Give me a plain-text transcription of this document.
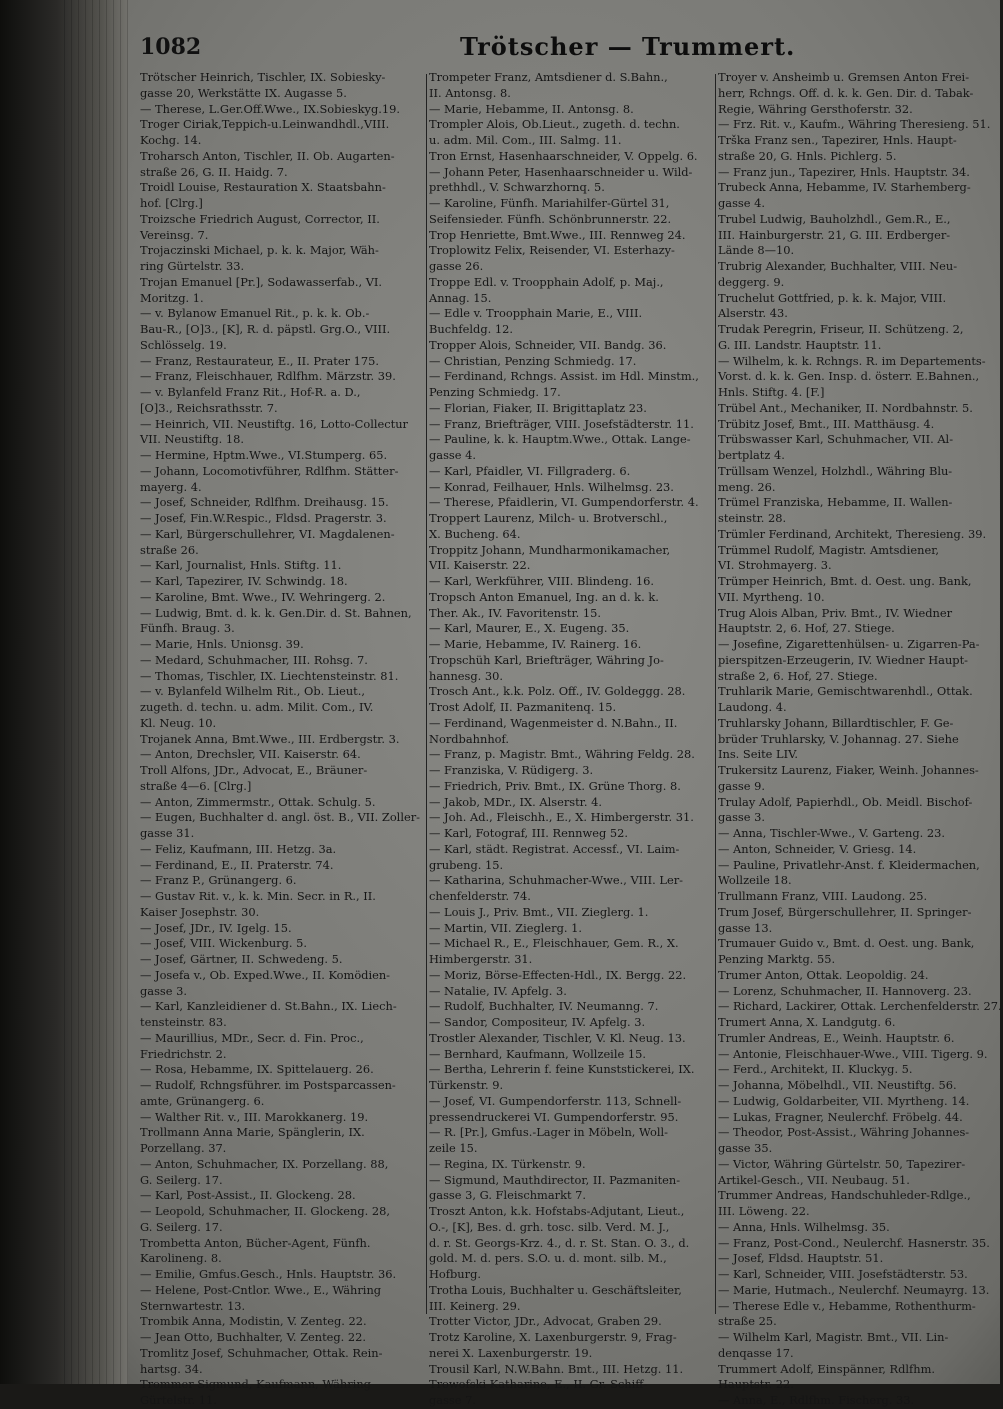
1082	Trötscher — Trummert.
Trötscher Heinrich, Tischler, IX. Sobiesky-
gasse 20, Werkstätte IX. Augasse 5.
— Therese, L.Ger.Off.Wwe., IX.Sobieskyg.19.
Troger Ciriak,Teppich-u.Leinwandhdl.,VIII.
Kochg. 14.
Troharsch Anton, Tischler, II. Ob. Augarten-
straße 26, G. II. Haidg. 7.
Troidl Louise, Restauration X. Staatsbahn-
hof. [Clrg.]
Troizsche Friedrich August, Corrector, II.
Vereinsg. 7.
Trojaczinski Michael, p. k. k. Major, Wäh-
ring Gürtelstr. 33.
Trojan Emanuel [Pr.], Sodawasserfab., VI.
Moritzg. 1.
— v. Bylanow Emanuel Rit., p. k. k. Ob.-
Bau-R., [O]3., [K], R. d. päpstl. Grg.O., VIII.
Schlösselg. 19.
— Franz, Restaurateur, E., II. Prater 175.
— Franz, Fleischhauer, Rdlfhm. Märzstr. 39.
— v. Bylanfeld Franz Rit., Hof-R. a. D.,
[O]3., Reichsrathsstr. 7.
— Heinrich, VII. Neustiftg. 16, Lotto-Collectur
VII. Neustiftg. 18.
— Hermine, Hptm.Wwe., VI.Stumperg. 65.
— Johann, Locomotivführer, Rdlfhm. Stätter-
mayerg. 4.
— Josef, Schneider, Rdlfhm. Dreihausg. 15.
— Josef, Fin.W.Respic., Fldsd. Pragerstr. 3.
— Karl, Bürgerschullehrer, VI. Magdalenen-
straße 26.
— Karl, Journalist, Hnls. Stiftg. 11.
— Karl, Tapezirer, IV. Schwindg. 18.
— Karoline, Bmt. Wwe., IV. Wehringerg. 2.
— Ludwig, Bmt. d. k. k. Gen.Dir. d. St. Bahnen,
Fünfh. Braug. 3.
— Marie, Hnls. Unionsg. 39.
— Medard, Schuhmacher, III. Rohsg. 7.
— Thomas, Tischler, IX. Liechtensteinstr. 81.
— v. Bylanfeld Wilhelm Rit., Ob. Lieut.,
zugeth. d. techn. u. adm. Milit. Com., IV.
Kl. Neug. 10.
Trojanek Anna, Bmt.Wwe., III. Erdbergstr. 3.
— Anton, Drechsler, VII. Kaiserstr. 64.
Troll Alfons, JDr., Advocat, E., Bräuner-
straße 4—6. [Clrg.]
— Anton, Zimmermstr., Ottak. Schulg. 5.
— Eugen, Buchhalter d. angl. öst. B., VII. Zoller-
gasse 31.
— Feliz, Kaufmann, III. Hetzg. 3a.
— Ferdinand, E., II. Praterstr. 74.
— Franz P., Grünangerg. 6.
— Gustav Rit. v., k. k. Min. Secr. in R., II.
Kaiser Josephstr. 30.
— Josef, JDr., IV. Igelg. 15.
— Josef, VIII. Wickenburg. 5.
— Josef, Gärtner, II. Schwedeng. 5.
— Josefa v., Ob. Exped.Wwe., II. Komödien-
gasse 3.
— Karl, Kanzleidiener d. St.Bahn., IX. Liech-
tensteinstr. 83.
— Maurillius, MDr., Secr. d. Fin. Proc.,
Friedrichstr. 2.
— Rosa, Hebamme, IX. Spittelauerg. 26.
— Rudolf, Rchngsführer. im Postsparcassen-
amte, Grünangerg. 6.
— Walther Rit. v., III. Marokkanerg. 19.
Trollmann Anna Marie, Spänglerin, IX.
Porzellang. 37.
— Anton, Schuhmacher, IX. Porzellang. 88,
G. Seilerg. 17.
— Karl, Post-Assist., II. Glockeng. 28.
— Leopold, Schuhmacher, II. Glockeng. 28,
G. Seilerg. 17.
Trombetta Anton, Bücher-Agent, Fünfh.
Karolineng. 8.
— Emilie, Gmfus.Gesch., Hnls. Hauptstr. 36.
— Helene, Post-Cntlor. Wwe., E., Währing
Sternwartestr. 13.
Trombik Anna, Modistin, V. Zenteg. 22.
— Jean Otto, Buchhalter, V. Zenteg. 22.
Tromlitz Josef, Schuhmacher, Ottak. Rein-
hartsg. 34.
Trommer Sigmund, Kaufmann, Währing
Gürtelstr. 11.
Trompeter Franz, Amtsdiener d. S.Bahn.,
II. Antonsg. 8.
— Marie, Hebamme, II. Antonsg. 8.
Trompler Alois, Ob.Lieut., zugeth. d. techn.
u. adm. Mil. Com., III. Salmg. 11.
Tron Ernst, Hasenhaarschneider, V. Oppelg. 6.
— Johann Peter, Hasenhaarschneider u. Wild-
prethhdl., V. Schwarzhornq. 5.
— Karoline, Fünfh. Mariahilfer-Gürtel 31,
Seifensieder. Fünfh. Schönbrunnerstr. 22.
Trop Henriette, Bmt.Wwe., III. Rennweg 24.
Troplowitz Felix, Reisender, VI. Esterhazy-
gasse 26.
Troppe Edl. v. Troopphain Adolf, p. Maj.,
Annag. 15.
— Edle v. Troopphain Marie, E., VIII.
Buchfeldg. 12.
Tropper Alois, Schneider, VII. Bandg. 36.
— Christian, Penzing Schmiedg. 17.
— Ferdinand, Rchngs. Assist. im Hdl. Minstm.,
Penzing Schmiedg. 17.
— Florian, Fiaker, II. Brigittaplatz 23.
— Franz, Briefträger, VIII. Josefstädterstr. 11.
— Pauline, k. k. Hauptm.Wwe., Ottak. Lange-
gasse 4.
— Karl, Pfaidler, VI. Fillgraderg. 6.
— Konrad, Feilhauer, Hnls. Wilhelmsg. 23.
— Therese, Pfaidlerin, VI. Gumpendorferstr. 4.
Troppert Laurenz, Milch- u. Brotverschl.,
X. Bucheng. 64.
Troppitz Johann, Mundharmonikamacher,
VII. Kaiserstr. 22.
— Karl, Werkführer, VIII. Blindeng. 16.
Tropsch Anton Emanuel, Ing. an d. k. k.
Ther. Ak., IV. Favoritenstr. 15.
— Karl, Maurer, E., X. Eugeng. 35.
— Marie, Hebamme, IV. Rainerg. 16.
Tropschüh Karl, Briefträger, Währing Jo-
hannesg. 30.
Trosch Ant., k.k. Polz. Off., IV. Goldeggg. 28.
Trost Adolf, II. Pazmanitenq. 15.
— Ferdinand, Wagenmeister d. N.Bahn., II.
Nordbahnhof.
— Franz, p. Magistr. Bmt., Währing Feldg. 28.
— Franziska, V. Rüdigerg. 3.
— Friedrich, Priv. Bmt., IX. Grüne Thorg. 8.
— Jakob, MDr., IX. Alserstr. 4.
— Joh. Ad., Fleischh., E., X. Himbergerstr. 31.
— Karl, Fotograf, III. Rennweg 52.
— Karl, städt. Registrat. Accessf., VI. Laim-
grubeng. 15.
— Katharina, Schuhmacher-Wwe., VIII. Ler-
chenfelderstr. 74.
— Louis J., Priv. Bmt., VII. Zieglerg. 1.
— Martin, VII. Zieglerg. 1.
— Michael R., E., Fleischhauer, Gem. R., X.
Himbergerstr. 31.
— Moriz, Börse-Effecten-Hdl., IX. Bergg. 22.
— Natalie, IV. Apfelg. 3.
— Rudolf, Buchhalter, IV. Neumanng. 7.
— Sandor, Compositeur, IV. Apfelg. 3.
Trostler Alexander, Tischler, V. Kl. Neug. 13.
— Bernhard, Kaufmann, Wollzeile 15.
— Bertha, Lehrerin f. feine Kunststickerei, IX.
Türkenstr. 9.
— Josef, VI. Gumpendorferstr. 113, Schnell-
pressendruckerei VI. Gumpendorferstr. 95.
— R. [Pr.], Gmfus.-Lager in Möbeln, Woll-
zeile 15.
— Regina, IX. Türkenstr. 9.
— Sigmund, Mauthdirector, II. Pazmaniten-
gasse 3, G. Fleischmarkt 7.
Troszt Anton, k.k. Hofstabs-Adjutant, Lieut.,
O.-, [K], Bes. d. grh. tosc. silb. Verd. M. J.,
d. r. St. Georgs-Krz. 4., d. r. St. Stan. O. 3., d.
gold. M. d. pers. S.O. u. d. mont. silb. M.,
Hofburg.
Trotha Louis, Buchhalter u. Geschäftsleiter,
III. Keinerg. 29.
Trotter Victor, JDr., Advocat, Graben 29.
Trotz Karoline, X. Laxenburgerstr. 9, Frag-
nerei X. Laxenburgerstr. 19.
Trousil Karl, N.W.Bahn. Bmt., III. Hetzg. 11.
Trowofski Katharine, E., II. Gr. Schiff-
gasse 7.
Troyer v. Ansheimb u. Gremsen Anton Frei-
herr, Rchngs. Off. d. k. k. Gen. Dir. d. Tabak-
Regie, Währing Gersthoferstr. 32.
— Frz. Rit. v., Kaufm., Währing Theresieng. 51.
Trška Franz sen., Tapezirer, Hnls. Haupt-
straße 20, G. Hnls. Pichlerg. 5.
— Franz jun., Tapezirer, Hnls. Hauptstr. 34.
Trubeck Anna, Hebamme, IV. Starhemberg-
gasse 4.
Trubel Ludwig, Bauholzhdl., Gem.R., E.,
III. Hainburgerstr. 21, G. III. Erdberger-
Lände 8—10.
Trubrig Alexander, Buchhalter, VIII. Neu-
deggerg. 9.
Truchelut Gottfried, p. k. k. Major, VIII.
Alserstr. 43.
Trudak Peregrin, Friseur, II. Schützeng. 2,
G. III. Landstr. Hauptstr. 11.
— Wilhelm, k. k. Rchngs. R. im Departements-
Vorst. d. k. k. Gen. Insp. d. österr. E.Bahnen.,
Hnls. Stiftg. 4. [F.]
Trübel Ant., Mechaniker, II. Nordbahnstr. 5.
Trübitz Josef, Bmt., III. Matthäusg. 4.
Trübswasser Karl, Schuhmacher, VII. Al-
bertplatz 4.
Trüllsam Wenzel, Holzhdl., Währing Blu-
meng. 26.
Trümel Franziska, Hebamme, II. Wallen-
steinstr. 28.
Trümler Ferdinand, Architekt, Theresieng. 39.
Trümmel Rudolf, Magistr. Amtsdiener,
VI. Strohmayerg. 3.
Trümper Heinrich, Bmt. d. Oest. ung. Bank,
VII. Myrtheng. 10.
Trug Alois Alban, Priv. Bmt., IV. Wiedner
Hauptstr. 2, 6. Hof, 27. Stiege.
— Josefine, Zigarettenhülsen- u. Zigarren-Pa-
pierspitzen-Erzeugerin, IV. Wiedner Haupt-
straße 2, 6. Hof, 27. Stiege.
Truhlarik Marie, Gemischtwarenhdl., Ottak.
Laudong. 4.
Truhlarsky Johann, Billardtischler, F. Ge-
brüder Truhlarsky, V. Johannag. 27. Siehe
Ins. Seite LIV.
Trukersitz Laurenz, Fiaker, Weinh. Johannes-
gasse 9.
Trulay Adolf, Papierhdl., Ob. Meidl. Bischof-
gasse 3.
— Anna, Tischler-Wwe., V. Garteng. 23.
— Anton, Schneider, V. Griesg. 14.
— Pauline, Privatlehr-Anst. f. Kleidermachen,
Wollzeile 18.
Trullmann Franz, VIII. Laudong. 25.
Trum Josef, Bürgerschullehrer, II. Springer-
gasse 13.
Trumauer Guido v., Bmt. d. Oest. ung. Bank,
Penzing Marktg. 55.
Trumer Anton, Ottak. Leopoldig. 24.
— Lorenz, Schuhmacher, II. Hannoverg. 23.
— Richard, Lackirer, Ottak. Lerchenfelderstr. 27.
Trumert Anna, X. Landgutg. 6.
Trumler Andreas, E., Weinh. Hauptstr. 6.
— Antonie, Fleischhauer-Wwe., VIII. Tigerg. 9.
— Ferd., Architekt, II. Kluckyg. 5.
— Johanna, Möbelhdl., VII. Neustiftg. 56.
— Ludwig, Goldarbeiter, VII. Myrtheng. 14.
— Lukas, Fragner, Neulerchf. Fröbelg. 44.
— Theodor, Post-Assist., Währing Johannes-
gasse 35.
— Victor, Währing Gürtelstr. 50, Tapezirer-
Artikel-Gesch., VII. Neubaug. 51.
Trummer Andreas, Handschuhleder-Rdlge.,
III. Löweng. 22.
— Anna, Hnls. Wilhelmsg. 35.
— Franz, Post-Cond., Neulerchf. Hasnerstr. 35.
— Josef, Fldsd. Hauptstr. 51.
— Karl, Schneider, VIII. Josefstädterstr. 53.
— Marie, Hutmach., Neulerchf. Neumayrg. 13.
— Therese Edle v., Hebamme, Rothenthurm-
straße 25.
— Wilhelm Karl, Magistr. Bmt., VII. Lin-
denqasse 17.
Trummert Adolf, Einspänner, Rdlfhm.
Hauptstr. 22.
— Anna, E., Rdlfhm. Fischerg. 33.
